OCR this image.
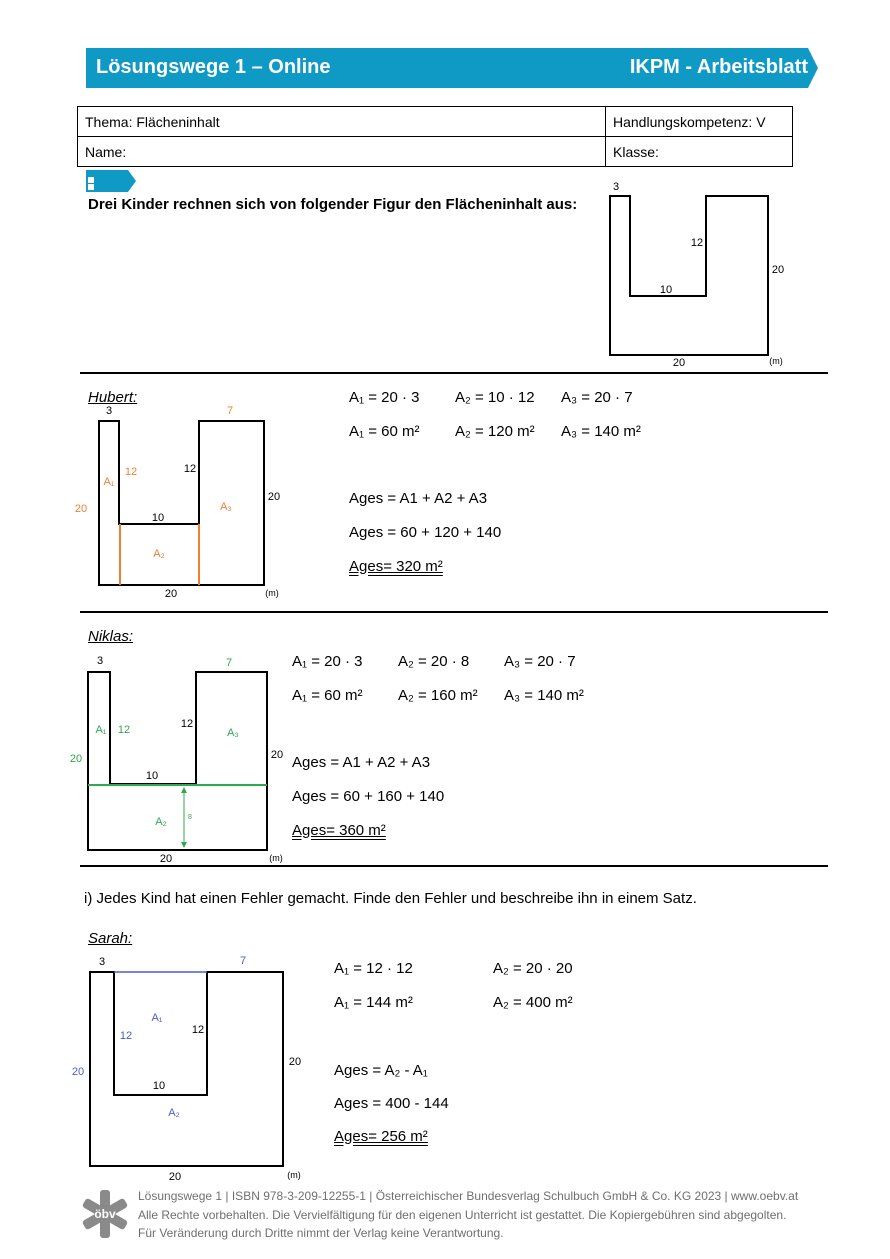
Lösungswege 1 – Online	IKPM - Arbeitsblatt
Thema: Flächeninhalt	Handlungskompetenz: V
Name:	Klasse:
Drei Kinder rechnen sich von folgender Figur den Flächeninhalt aus:
3
12
10
20
20	(m)
Hubert:
3	7
12	12
10
20
20
20	(m)
A₁
A₂
A₃
A₁ = 20 · 3 A₂ = 10 · 12 A₃ = 20 · 7
A₁ = 60 m² A₂ = 120 m² A₃ = 140 m²
Ages = A1 + A2 + A3
Ages = 60 + 120 + 140
Ages= 320 m²
Niklas:
8
3	7
12	12
10
20	20
20	(m)
A₁
A₂
A₃
A₁ = 20 · 3 A₂ = 20 · 8 A₃ = 20 · 7
A₁ = 60 m² A₂ = 160 m² A₃ = 140 m²
Ages = A1 + A2 + A3
Ages = 60 + 160 + 140
Ages= 360 m²
i) Jedes Kind hat einen Fehler gemacht. Finde den Fehler und beschreibe ihn in einem Satz.
Sarah:
3	7
12	12
10
20
20
20	(m)
A₁
A₂
A₁ = 12 · 12	A₂ = 20 · 20
A₁ = 144 m²	A₂ = 400 m²
Ages = A₂ - A₁
Ages = 400 - 144
Ages= 256 m²
öbv
Lösungswege 1 | ISBN 978-3-209-12255-1 | Österreichischer Bundesverlag Schulbuch GmbH & Co. KG 2023 | www.oebv.at
Alle Rechte vorbehalten. Die Vervielfältigung für den eigenen Unterricht ist gestattet. Die Kopiergebühren sind abgegolten.
Für Veränderung durch Dritte nimmt der Verlag keine Verantwortung.
